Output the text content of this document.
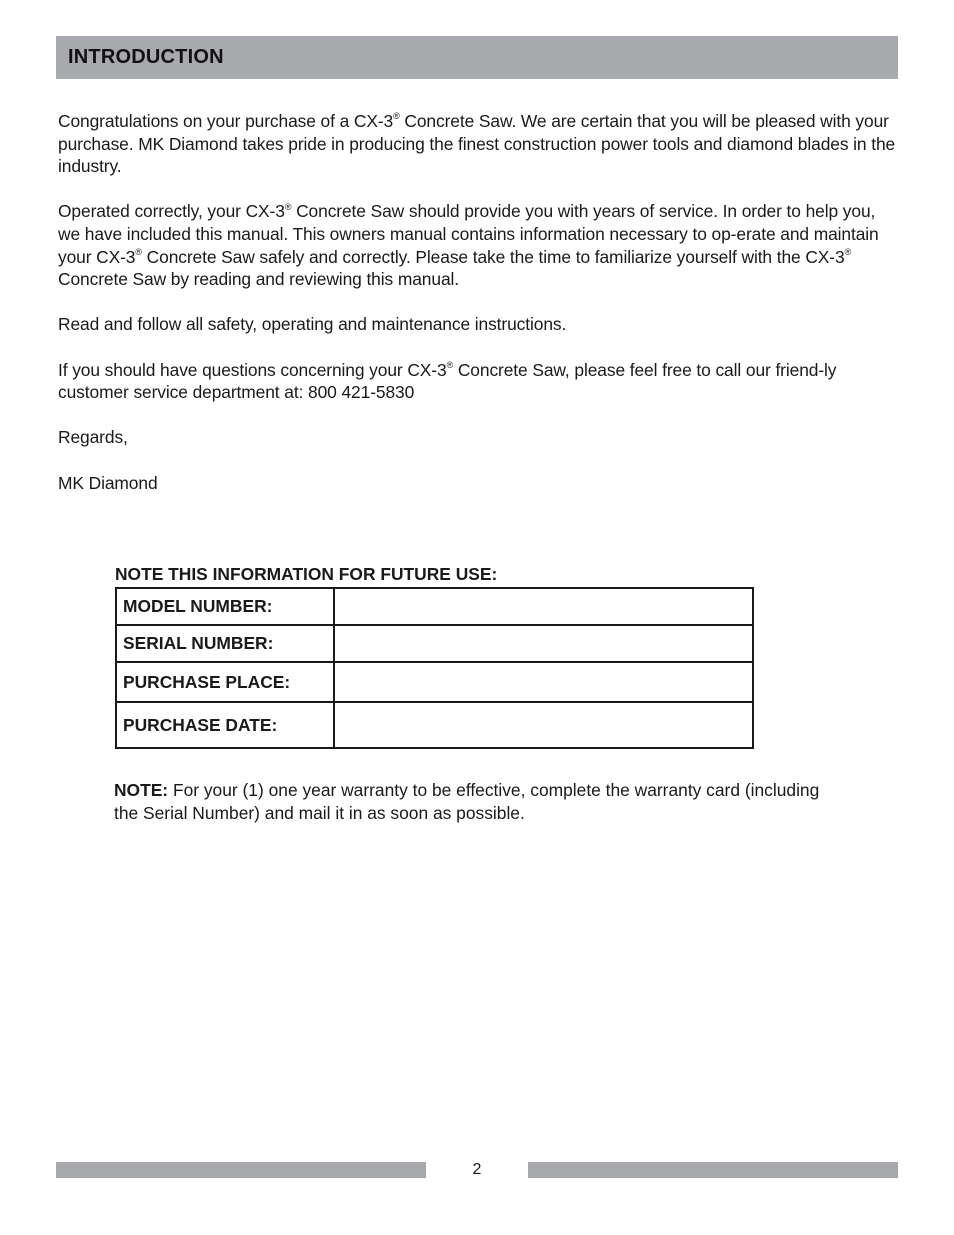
INTRODUCTION

Congratulations on your purchase of a CX-3® Concrete Saw. We are certain that you will be pleased with your purchase. MK Diamond takes pride in producing the finest construction power tools and diamond blades in the industry.

Operated correctly, your CX-3® Concrete Saw should provide you with years of service. In order to help you, we have included this manual. This owners manual contains information necessary to op-erate and maintain your CX-3® Concrete Saw safely and correctly. Please take the time to familiarize yourself with the CX-3® Concrete Saw by reading and reviewing this manual.

Read and follow all safety, operating and maintenance instructions.

If you should have questions concerning your CX-3® Concrete Saw, please feel free to call our friend-ly customer service department at: 800 421-5830

Regards,

MK Diamond

NOTE THIS INFORMATION FOR FUTURE USE:
MODEL NUMBER:	
SERIAL NUMBER:	
PURCHASE PLACE:	
PURCHASE DATE:	
NOTE: For your (1) one year warranty to be effective, complete the warranty card (including the Serial Number) and mail it in as soon as possible.
2
